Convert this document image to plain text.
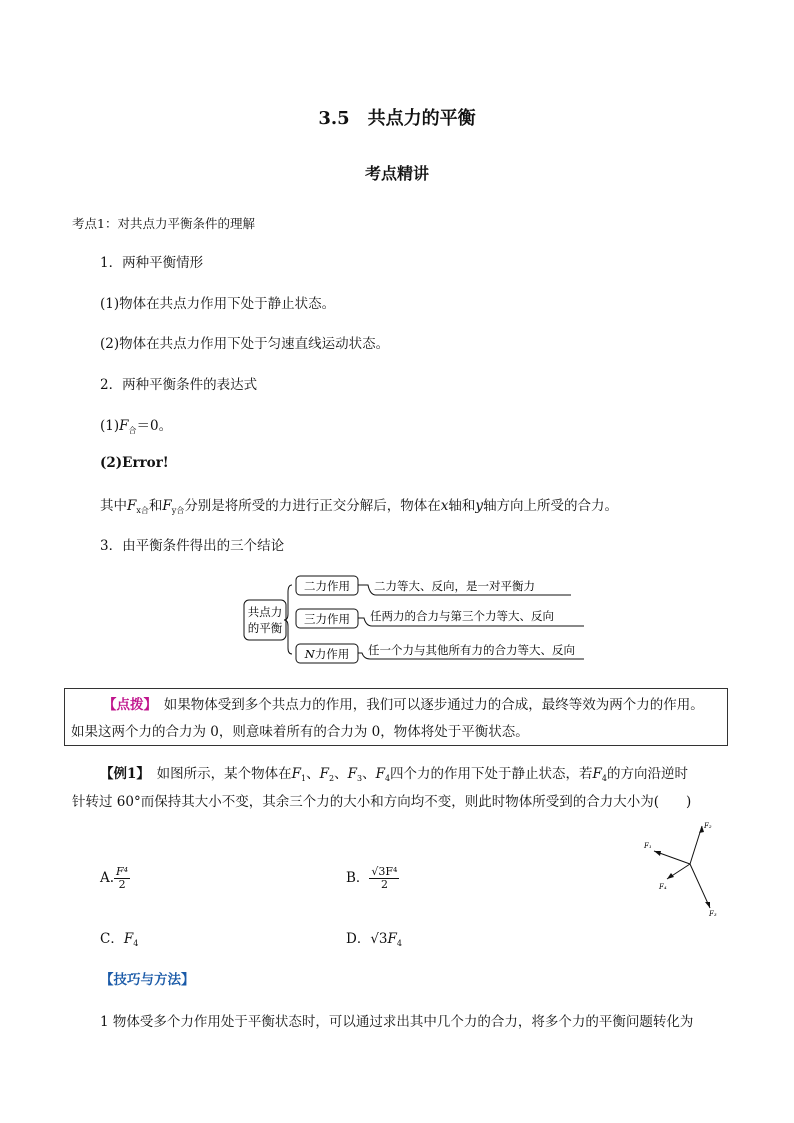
3.5　共点力的平衡
考点精讲
考点1：对共点力平衡条件的理解
1．两种平衡情形
(1)物体在共点力作用下处于静止状态。
(2)物体在共点力作用下处于匀速直线运动状态。
2．两种平衡条件的表达式
$(1)F_合=0$。
(2)Error!
其中$F_{x合}$和$F_{y合}$分别是将所受的力进行正交分解后，物体在x轴和y轴方向上所受的合力。
3．由平衡条件得出的三个结论
共点力
的平衡
二力作用 二力等大、反向，是一对平衡力
三力作用 任两力的合力与第三个力等大、反向
N力作用 任一个力与其他所有力的合力等大、反向
【点拨】　如果物体受到多个共点力的作用，我们可以逐步通过力的合成，最终等效为两个力的作用。
如果这两个力的合力为 0，则意味着所有的合力为 0，物体将处于平衡状态。
【例1】　如图所示，某个物体在$F_1$、$F_2$、$F_3$、$F_4$四个力的作用下处于静止状态，若$F_4$的方向沿逆时
针转过 60°而保持其大小不变，其余三个力的大小和方向均不变，则此时物体所受到的合力大小为(　　)
A. $\frac{\text{F⁴}}{2}$	B． $\frac{\text{√3F⁴}}{2}$
C．$F_4$	D．$√3F_4$
F₂
F₁
F₃
F₄
【技巧与方法】
1 物体受多个力作用处于平衡状态时，可以通过求出其中几个力的合力，将多个力的平衡问题转化为
